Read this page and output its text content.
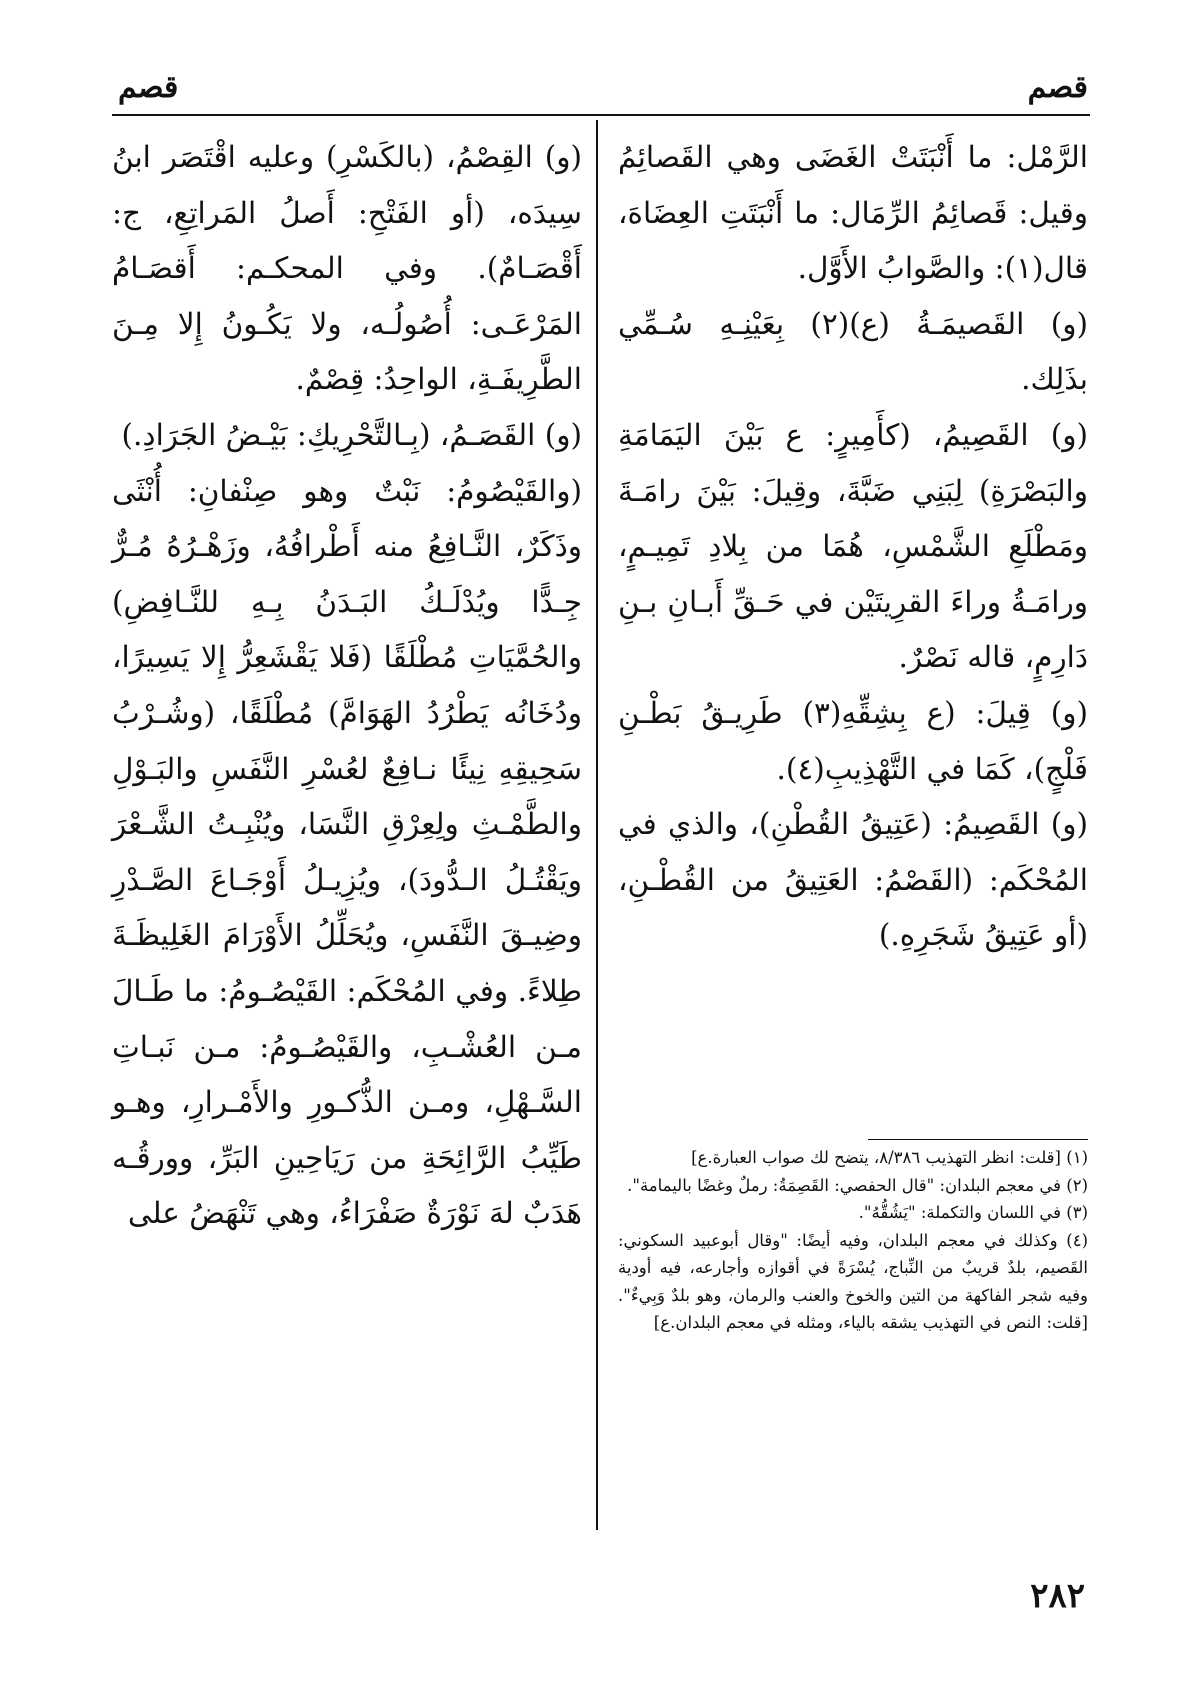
قصم
قصم

الرَّمْل: ما أَنْبَتَتْ الغَضَى وهي القَصائِمُ وقيل: قَصائِمُ الرِّمَال: ما أَنْبَتَتِ العِضَاهَ، قال(١): والصَّوابُ الأَوَّل.

(و) القَصيمَـةُ (ع)(٢) بِعَيْنِـهِ سُـمِّي بذَلِك.

(و) القَصِيمُ، (كأَمِيرٍ: ع بَيْنَ اليَمَامَةِ والبَصْرَةِ) لِبَنِي ضَبَّةَ، وقِيلَ: بَيْنَ رامَـةَ ومَطْلَعِ الشَّمْسِ، هُمَا من بِلادِ تَمِيـمٍ، ورامَـةُ وراءَ القرِيتَيْن في حَـقِّ أَبـانِ بـنِ دَارِمٍ، قاله نَصْرٌ.

(و) قِيلَ: (ع بِشِقِّهِ(٣) طَرِيـقُ بَطْـنِ فَلْجٍ)، كَمَا في التَّهْذِيبِ(٤).

(و) القَصِيمُ: (عَتِيقُ القُطْنِ)، والذي في المُحْكَم: (القَصْمُ: العَتِيقُ من القُطْـنِ، (أو عَتِيقُ شَجَرِهِ.)

(و) القِصْمُ، (بالكَسْرِ) وعليه اقْتَصَر ابنُ سِيدَه، (أو الفَتْحِ: أَصلُ المَراتِعِ، ج: أَقْصَـامٌ). وفي المحكـم: أَقصَـامُ المَرْعَـى: أُصُولُـه، ولا يَكُـونُ إِلا مِـنَ الطَّرِيفَـةِ، الواحِدُ: قِصْمٌ.

(و) القَصَـمُ، (بِـالتَّحْرِيكِ: بَيْـضُ الجَرَادِ.)

(والقَيْصُومُ: نَبْتٌ وهو صِنْفانِ: أُنْثَى وذَكَرٌ، النَّـافِعُ منه أَطْرافُهُ، وزَهْـرُهُ مُـرٌّ جِـدًّا ويُدْلَـكُ البَـدَنُ بِـهِ للنَّـافِضِ) والحُمَّيَاتِ مُطْلَقًا (فَلا يَقْشَعِرُّ إِلا يَسِيرًا، ودُخَانُه يَطْرُدُ الهَوَامَّ) مُطْلَقًا، (وشُـرْبُ سَحِيقِهِ نِيئًا نـافِعٌ لعُسْرِ النَّفَسِ والبَـوْلِ والطَّمْـثِ ولِعِرْقِ النَّسَا، ويُنْبِـتُ الشَّـعْرَ ويَقْتُـلُ الـدُّودَ)، ويُزِيـلُ أَوْجَـاعَ الصَّـدْرِ وضِيـقَ النَّفَسِ، ويُحَلِّلُ الأَوْرَامَ الغَلِيظَـةَ طِلاءً. وفي المُحْكَم: القَيْصُـومُ: ما طَـالَ مـن العُشْـبِ، والقَيْصُـومُ: مـن نَبـاتِ السَّـهْلِ، ومـن الذُّكـورِ والأَمْـرارِ، وهـو طَيِّبُ الرَّائِحَةِ من رَيَاحِينِ البَرِّ، وورقُـه هَدَبٌ لهَ نَوْرَةٌ صَفْرَاءُ، وهي تَنْهَضُ على

(١) [قلت: انظر التهذيب ٨/٣٨٦، يتضح لك صواب العبارة.ع]

(٢) في معجم البلدان: "قال الحفصي: القَصِمَةُ: رملٌ وغضًا باليمامة".

(٣) في اللسان والتكملة: "يَشُقُّهُ".

(٤) وكذلك في معجم البلدان، وفيه أيضًا: "وقال أبوعبيد السكوني: القَصيم، بلدٌ قريبٌ من النِّباج، يُسْرَةً في أقوازه وأجارعه، فيه أودية وفيه شجر الفاكهة من التين والخوخ والعنب والرمان، وهو بلدٌ وَبِيءٌ". [قلت: النص في التهذيب يشقه بالياء، ومثله في معجم البلدان.ع]

٢٨٢
